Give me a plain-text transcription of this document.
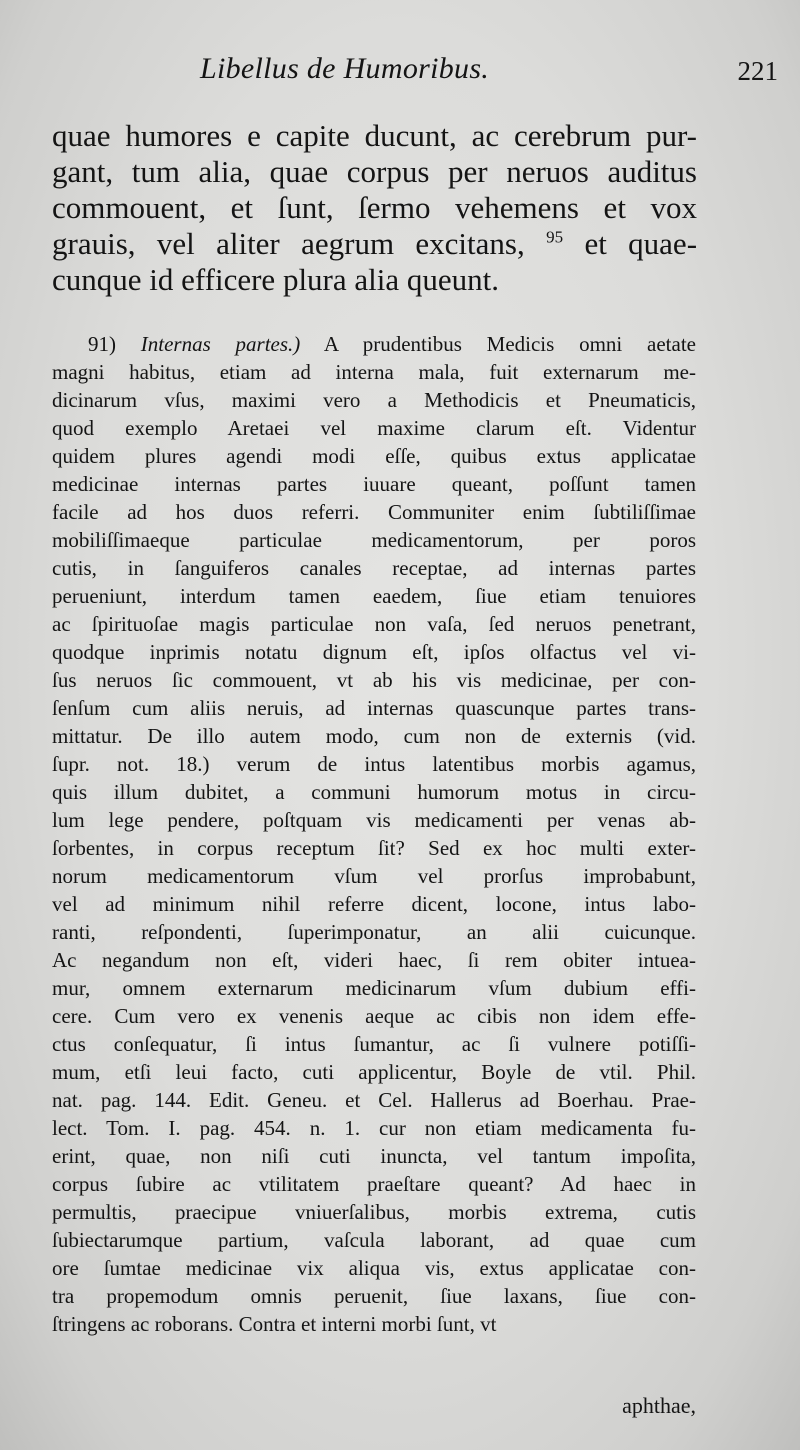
Libellus de Humoribus.	221
quae humores e capite ducunt, ac cerebrum pur-
gant, tum alia, quae corpus per neruos auditus
commouent, et ſunt, ſermo vehemens et vox
grauis, vel aliter aegrum excitans, $^{95}$ et quae-
cunque id efficere plura alia queunt.
91) Internas partes.) A prudentibus Medicis omni aetate
magni habitus, etiam ad interna mala, fuit externarum me-
dicinarum vſus, maximi vero a Methodicis et Pneumaticis,
quod exemplo Aretaei vel maxime clarum eſt. Videntur
quidem plures agendi modi eſſe, quibus extus applicatae
medicinae internas partes iuuare queant, poſſunt tamen
facile ad hos duos referri. Communiter enim ſubtiliſſimae
mobiliſſimaeque particulae medicamentorum, per poros
cutis, in ſanguiferos canales receptae, ad internas partes
perueniunt, interdum tamen eaedem, ſiue etiam tenuiores
ac ſpirituoſae magis particulae non vaſa, ſed neruos penetrant,
quodque inprimis notatu dignum eſt, ipſos olfactus vel vi-
ſus neruos ſic commouent, vt ab his vis medicinae, per con-
ſenſum cum aliis neruis, ad internas quascunque partes trans-
mittatur. De illo autem modo, cum non de externis (vid.
ſupr. not. 18.) verum de intus latentibus morbis agamus,
quis illum dubitet, a communi humorum motus in circu-
lum lege pendere, poſtquam vis medicamenti per venas ab-
ſorbentes, in corpus receptum ſit? Sed ex hoc multi exter-
norum medicamentorum vſum vel prorſus improbabunt,
vel ad minimum nihil referre dicent, locone, intus labo-
ranti, reſpondenti, ſuperimponatur, an alii cuicunque.
Ac negandum non eſt, videri haec, ſi rem obiter intuea-
mur, omnem externarum medicinarum vſum dubium effi-
cere. Cum vero ex venenis aeque ac cibis non idem effe-
ctus conſequatur, ſi intus ſumantur, ac ſi vulnere potiſſi-
mum, etſi leui facto, cuti applicentur, Boyle de vtil. Phil.
nat. pag. 144. Edit. Geneu. et Cel. Hallerus ad Boerhau. Prae-
lect. Tom. I. pag. 454. n. 1. cur non etiam medicamenta fu-
erint, quae, non niſi cuti inuncta, vel tantum impoſita,
corpus ſubire ac vtilitatem praeſtare queant? Ad haec in
permultis, praecipue vniuerſalibus, morbis extrema, cutis
ſubiectarumque partium, vaſcula laborant, ad quae cum
ore ſumtae medicinae vix aliqua vis, extus applicatae con-
tra propemodum omnis peruenit, ſiue laxans, ſiue con-
ſtringens ac roborans. Contra et interni morbi ſunt, vt
aphthae,
